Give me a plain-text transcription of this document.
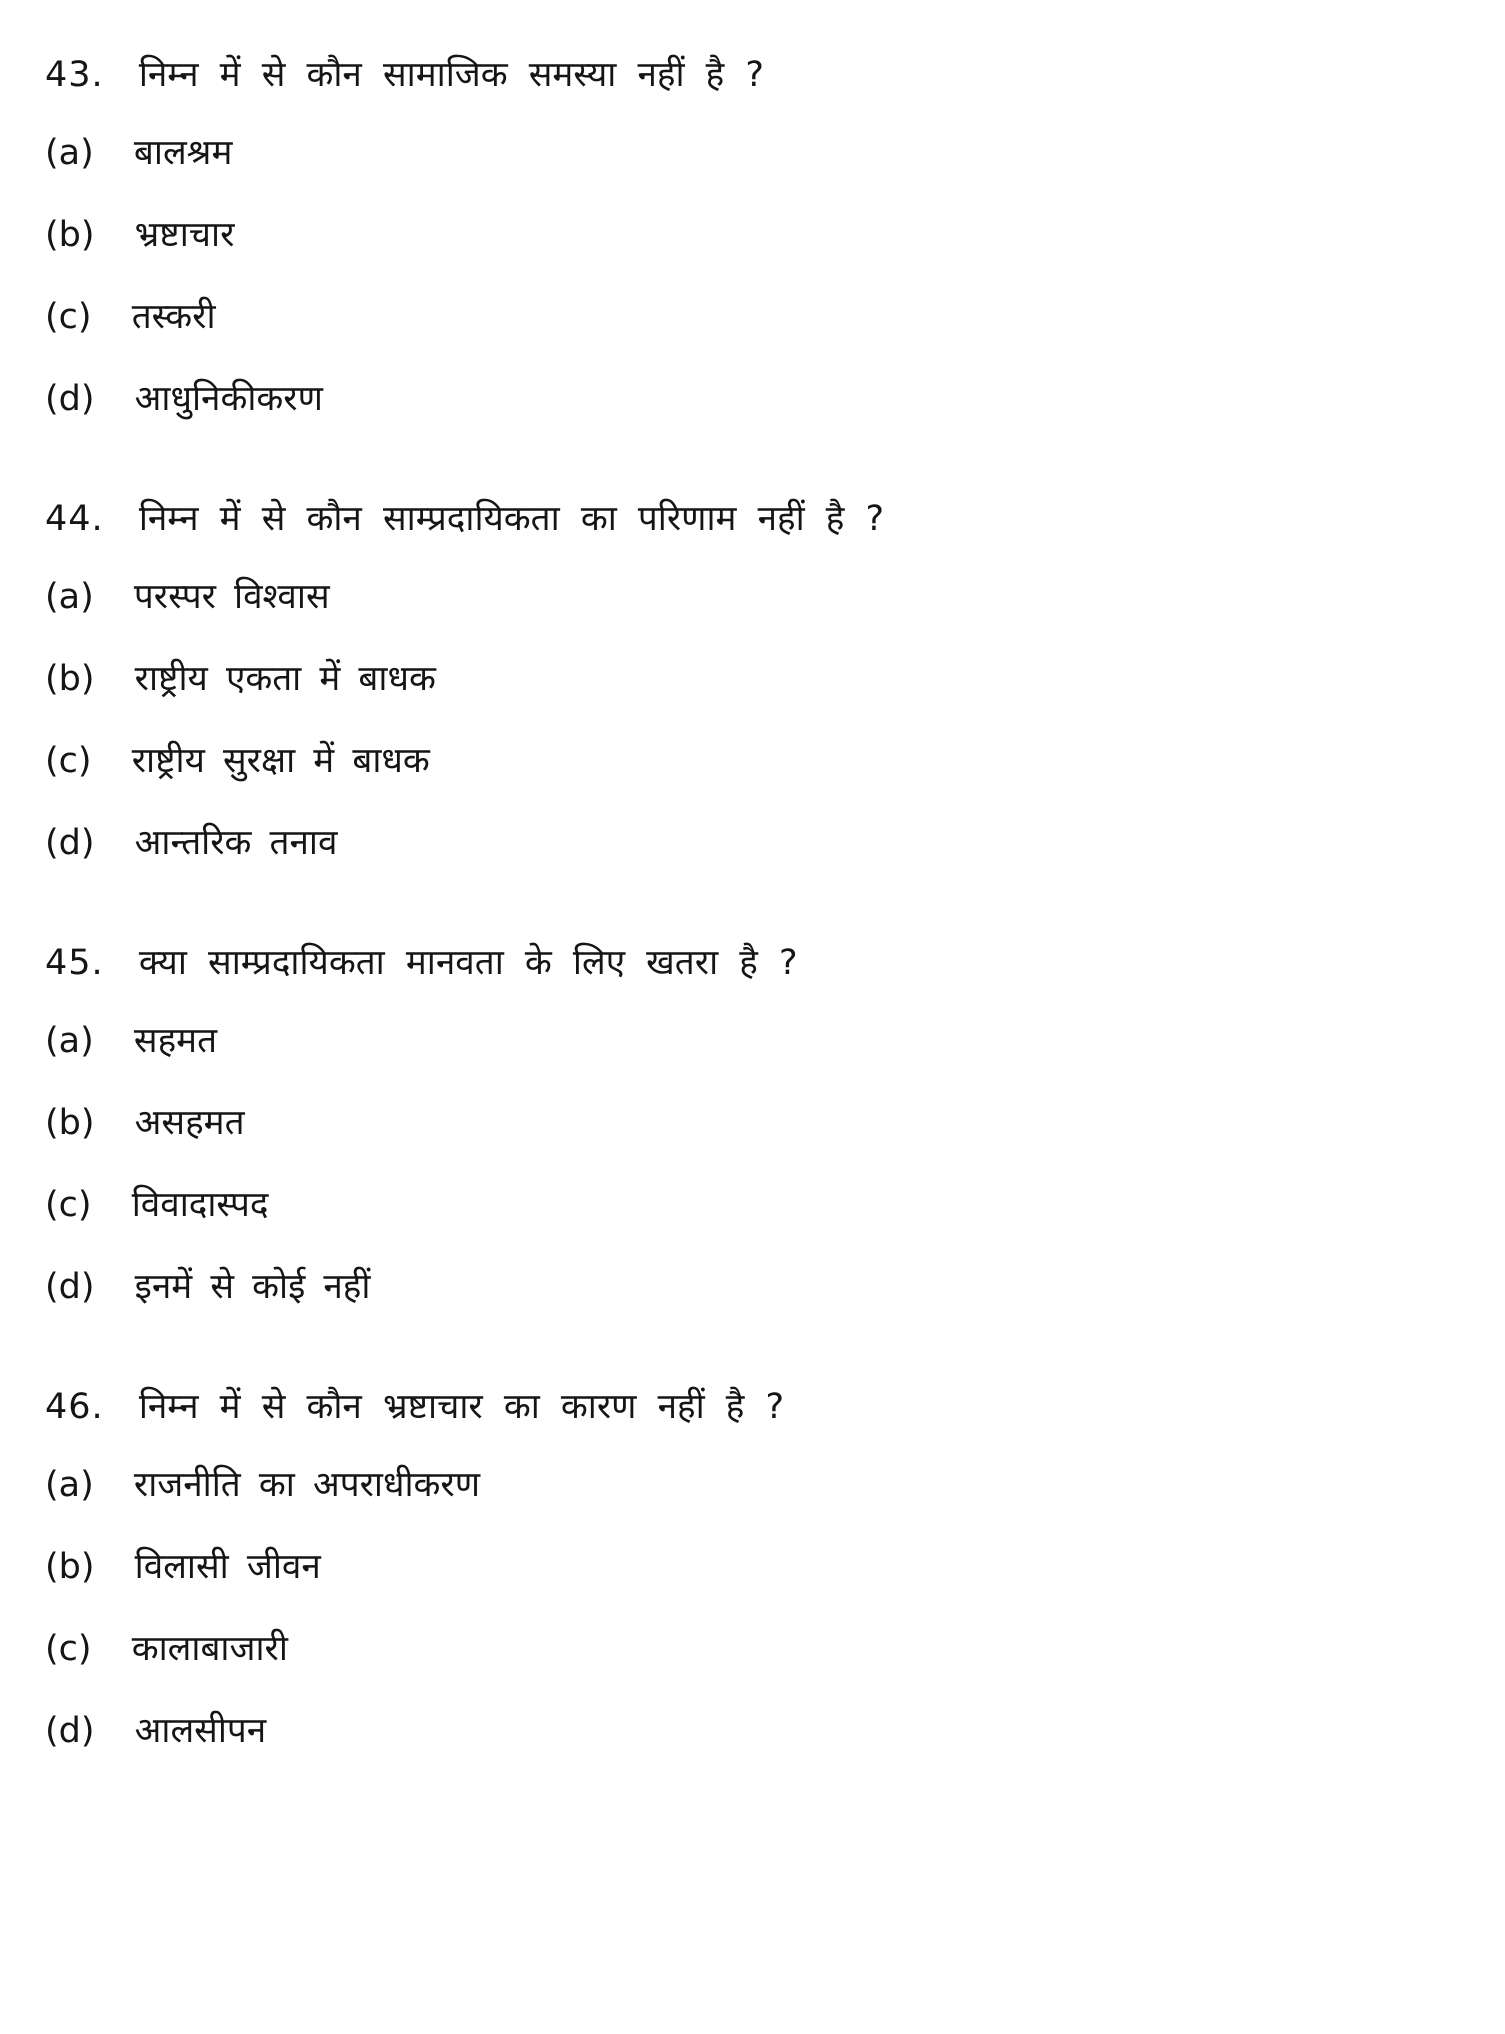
43. निम्न में से कौन सामाजिक समस्या नहीं है ?

(a) बालश्रम

(b) भ्रष्टाचार

(c) तस्करी

(d) आधुनिकीकरण

44. निम्न में से कौन साम्प्रदायिकता का परिणाम नहीं है ?

(a) परस्पर विश्वास

(b) राष्ट्रीय एकता में बाधक

(c) राष्ट्रीय सुरक्षा में बाधक

(d) आन्तरिक तनाव

45. क्या साम्प्रदायिकता मानवता के लिए खतरा है ?

(a) सहमत

(b) असहमत

(c) विवादास्पद

(d) इनमें से कोई नहीं

46. निम्न में से कौन भ्रष्टाचार का कारण नहीं है ?

(a) राजनीति का अपराधीकरण

(b) विलासी जीवन

(c) कालाबाजारी

(d) आलसीपन
